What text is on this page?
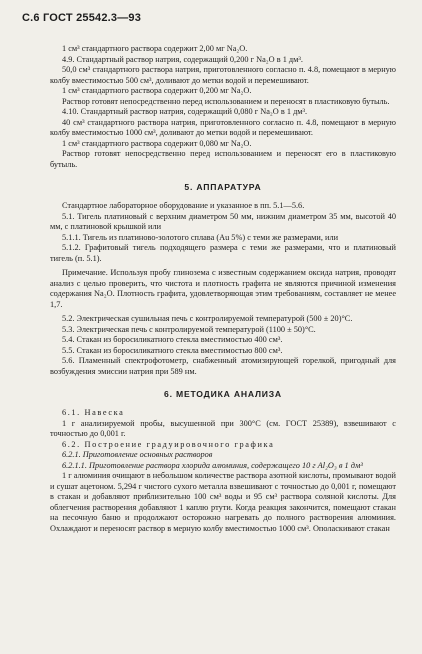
С.6 ГОСТ 25542.3—93

1 см³ стандартного раствора содержит 2,00 мг Na₂O.

4.9. Стандартный раствор натрия, содержащий 0,200 г Na₂O в 1 дм³.

50,0 см³ стандартного раствора натрия, приготовленного согласно п. 4.8, помещают в мерную колбу вместимостью 500 см³, доливают до метки водой и перемешивают.

1 см³ стандартного раствора содержит 0,200 мг Na₂O.

Раствор готовят непосредственно перед использованием и переносят в пластиковую бутыль.

4.10. Стандартный раствор натрия, содержащий 0,080 г Na₂O в 1 дм³.

40 см³ стандартного раствора натрия, приготовленного согласно п. 4.8, помещают в мерную колбу вместимостью 1000 см³, доливают до метки водой и перемешивают.

1 см³ стандартного раствора содержит 0,080 мг Na₂O.

Раствор готовят непосредственно перед использованием и переносят его в пластиковую бутыль.

5. АППАРАТУРА

Стандартное лабораторное оборудование и указанное в пп. 5.1—5.6.

5.1. Тигель платиновый с верхним диаметром 50 мм, нижним диаметром 35 мм, высотой 40 мм, с платиновой крышкой или

5.1.1. Тигель из платиново-золотого сплава (Au 5%) с теми же размерами, или

5.1.2. Графитовый тигель подходящего размера с теми же размерами, что и платиновый тигель (п. 5.1).

Примечание. Используя пробу глинозема с известным содержанием оксида натрия, проводят анализ с целью проверить, что чистота и плотность графита не являются причиной изменения содержания Na₂O. Плотность графита, удовлетворяющая этим требованиям, составляет не менее 1,7.

5.2. Электрическая сушильная печь с контролируемой температурой (500 ± 20)°С.

5.3. Электрическая печь с контролируемой температурой (1100 ± 50)°С.

5.4. Стакан из боросиликатного стекла вместимостью 400 см³.

5.5. Стакан из боросиликатного стекла вместимостью 800 см³.

5.6. Пламенный спектрофотометр, снабженный атомизирующей горелкой, пригодный для возбуждения эмиссии натрия при 589 нм.

6. МЕТОДИКА АНАЛИЗА

6.1. Навеска

1 г анализируемой пробы, высушенной при 300°С (см. ГОСТ 25389), взвешивают с точностью до 0,001 г.

6.2. Построение градуировочного графика

6.2.1. Приготовление основных растворов

6.2.1.1. Приготовление раствора хлорида алюминия, содержащего 10 г Al₂O₃ в 1 дм³

1 г алюминия очищают в небольшом количестве раствора азотной кислоты, промывают водой и сушат ацетоном. 5,294 г чистого сухого металла взвешивают с точностью до 0,001 г, помещают в стакан и добавляют приблизительно 100 см³ воды и 95 см³ раствора соляной кислоты. Для облегчения растворения добавляют 1 каплю ртути. Когда реакция закончится, помещают стакан на песочную баню и продолжают осторожно нагревать до полного растворения алюминия. Охлаждают и переносят раствор в мерную колбу вместимостью 1000 см³. Ополаскивают стакан
